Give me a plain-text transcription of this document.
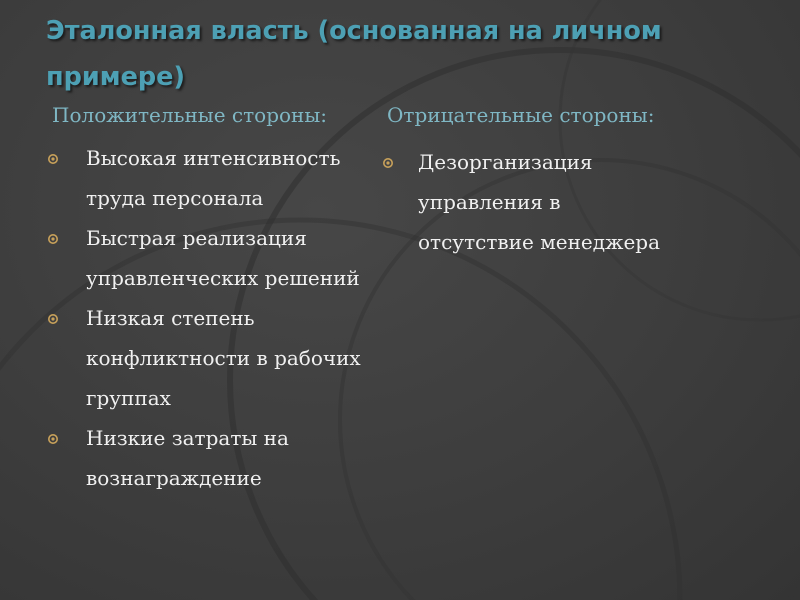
Эталонная власть (основанная на личном примере)

Положительные стороны:

Высокая интенсивность труда персонала
Быстрая реализация управленческих решений
Низкая степень конфликтности в рабочих группах
Низкие затраты на вознаграждение

Отрицательные стороны:

Дезорганизация управления в отсутствие менеджера
